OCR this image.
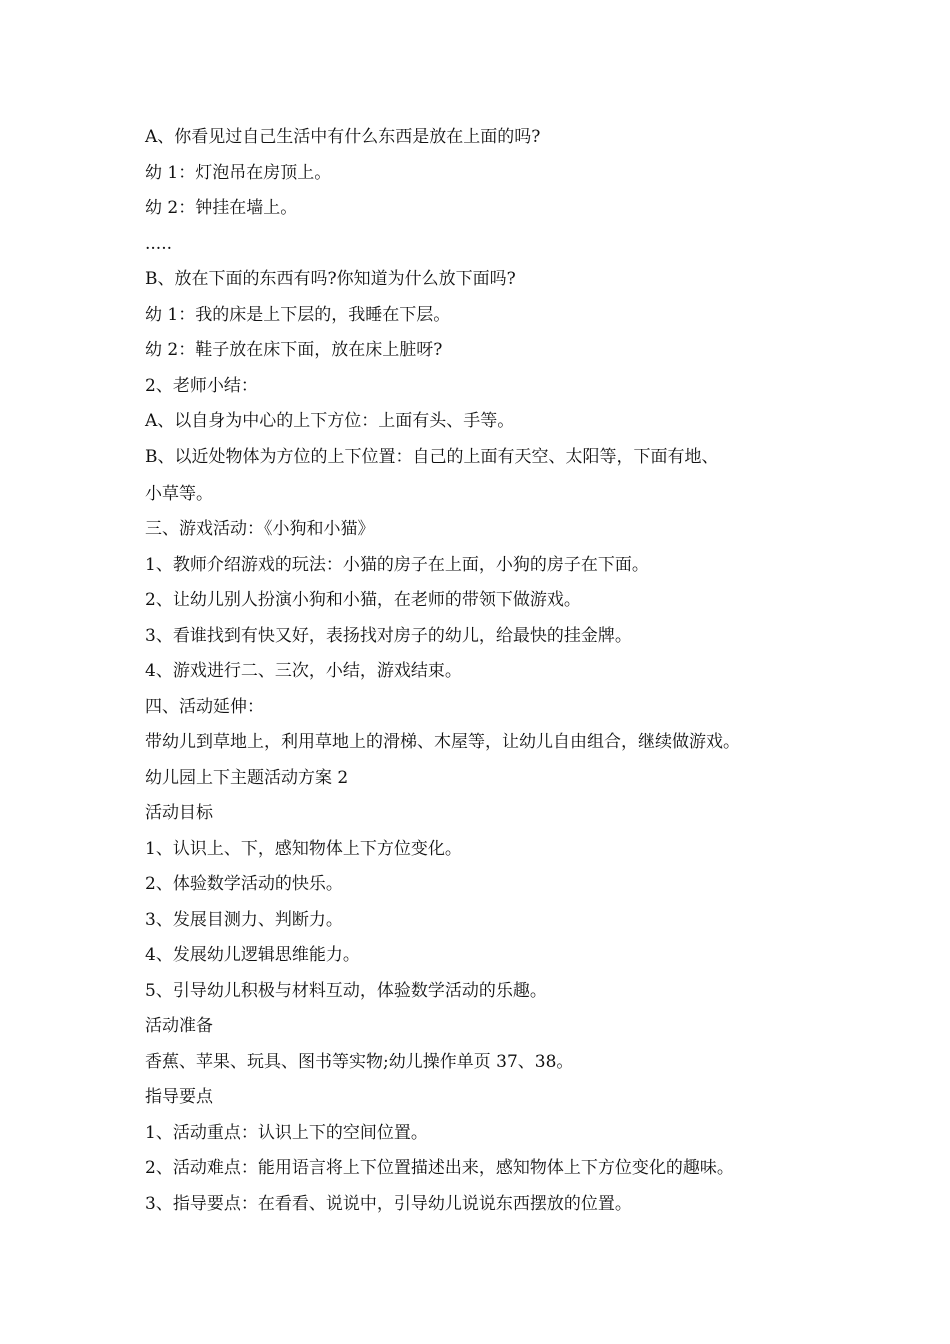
A、你看见过自己生活中有什么东西是放在上面的吗?

幼 1：灯泡吊在房顶上。

幼 2：钟挂在墙上。

.....

B、放在下面的东西有吗?你知道为什么放下面吗?

幼 1：我的床是上下层的，我睡在下层。

幼 2：鞋子放在床下面，放在床上脏呀?

2、老师小结：

A、以自身为中心的上下方位：上面有头、手等。

B、以近处物体为方位的上下位置：自己的上面有天空、太阳等，下面有地、

小草等。

三、游戏活动：《小狗和小猫》

1、教师介绍游戏的玩法：小猫的房子在上面，小狗的房子在下面。

2、让幼儿别人扮演小狗和小猫，在老师的带领下做游戏。

3、看谁找到有快又好，表扬找对房子的幼儿，给最快的挂金牌。

4、游戏进行二、三次，小结，游戏结束。

四、活动延伸：

带幼儿到草地上，利用草地上的滑梯、木屋等，让幼儿自由组合，继续做游戏。

幼儿园上下主题活动方案 2

活动目标

1、认识上、下，感知物体上下方位变化。

2、体验数学活动的快乐。

3、发展目测力、判断力。

4、发展幼儿逻辑思维能力。

5、引导幼儿积极与材料互动，体验数学活动的乐趣。

活动准备

香蕉、苹果、玩具、图书等实物;幼儿操作单页 37、38。

指导要点

1、活动重点：认识上下的空间位置。

2、活动难点：能用语言将上下位置描述出来，感知物体上下方位变化的趣味。

3、指导要点：在看看、说说中，引导幼儿说说东西摆放的位置。
